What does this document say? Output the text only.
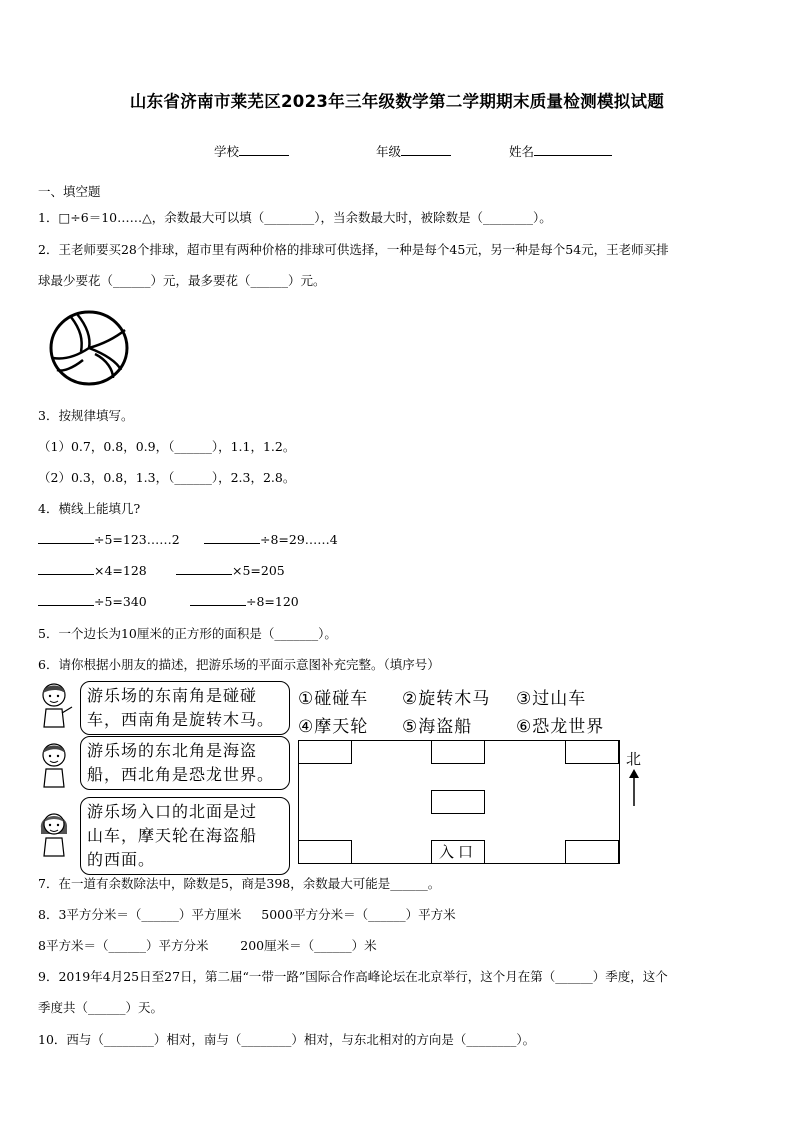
山东省济南市莱芜区2023年三年级数学第二学期期末质量检测模拟试题
学校	年级	姓名
一、填空题
1．□÷6＝10……△，余数最大可以填（________），当余数最大时，被除数是（________）。
2．王老师要买28个排球，超市里有两种价格的排球可供选择，一种是每个45元，另一种是每个54元，王老师买排
球最少要花（______）元，最多要花（______）元。
3．按规律填写。
（1）0.7，0.8，0.9，（______），1.1，1.2。
（2）0.3，0.8，1.3，（______），2.3，2.8。
4．横线上能填几?
÷5=123……2	÷8=29……4
×4=128	×5=205
÷5=340	÷8=120
5．一个边长为10厘米的正方形的面积是（_______）。
6．请你根据小朋友的描述，把游乐场的平面示意图补充完整。（填序号）
游乐场的东南角是碰碰
车，西南角是旋转木马。
游乐场的东北角是海盗
船，西北角是恐龙世界。
游乐场入口的北面是过
山车，摩天轮在海盗船
的西面。
①碰碰车 ②旋转木马 ③过山车
④摩天轮 ⑤海盗船	⑥恐龙世界
入口
北
7．在一道有余数除法中，除数是5，商是398，余数最大可能是______。
8．3平方分米＝（______）平方厘米     5000平方分米＝（______）平方米
8平方米＝（______）平方分米        200厘米＝（______）米
9．2019年4月25日至27日，第二届“一带一路”国际合作高峰论坛在北京举行，这个月在第（______）季度，这个
季度共（______）天。
10．西与（________）相对，南与（________）相对，与东北相对的方向是（________）。
